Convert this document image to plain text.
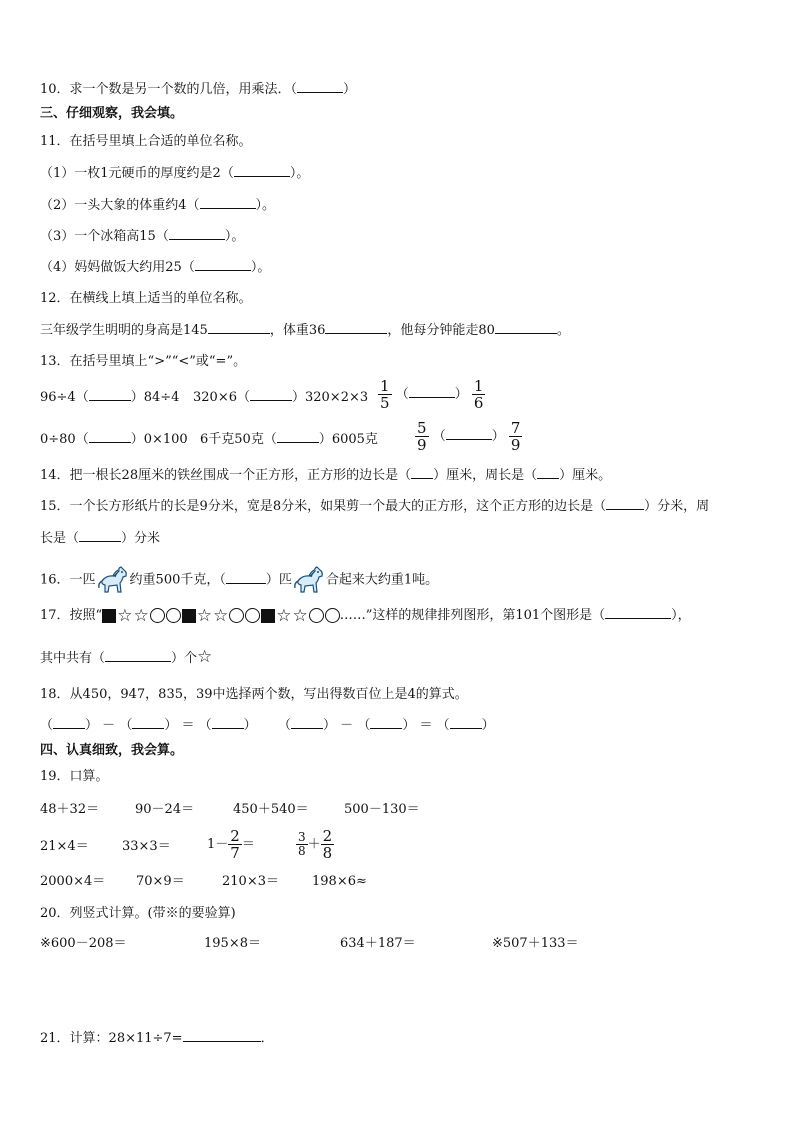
10．求一个数是另一个数的几倍，用乘法．（	）
三、仔细观察，我会填。
11．在括号里填上合适的单位名称。
（1）一枚1元硬币的厚度约是2（	）。
（2）一头大象的体重约4（	）。
（3）一个冰箱高15（	）。
（4）妈妈做饭大约用25（	）。
12．在横线上填上适当的单位名称。
三年级学生明明的身高是145	，体重36	，他每分钟能走80	。
13．在括号里填上“>”“<”或“=”。
96÷4（	）84÷4 320×6（	）$320\times 2\times 3 \frac{1}{5}$ （	） $\frac{1}{6}$
0÷80（	）0×100 6千克50克（	）6005克 $\frac{5}{9}$ （	） $\frac{7}{9}$
14．把一根长28厘米的铁丝围成一个正方形，正方形的边长是（ ）厘米，周长是（ ）厘米。
15．一个长方形纸片的长是9分米，宽是8分米，如果剪一个最大的正方形，这个正方形的边长是（	）分米，周
长是（	）分米
16．一匹	约重500千克，（	）匹	合起来大约重1吨。
17．按照“ ☆ ☆	☆ ☆	☆ ☆ ……”这样的规律排列图形，第101个图形是（	），
其中共有（	）个☆
18．从450，947，835，39中选择两个数，写出得数百位上是4的算式。
（ ） － （ ） ＝ （ ） （ ） － （ ） ＝ （ ）
四、认真细致，我会算。
19．口算。
48＋32＝	90－24＝	450＋540＝	500－130＝
21×4＝	33×3＝	$1- \frac{2}{7}$ ＝	$\frac{3}{8} + \frac{2}{8}$
2000×4＝ 70×9＝	210×3＝	198×6≈
20．列竖式计算。(带※的要验算)
※600－208＝	195×8＝	634＋187＝	※507＋133＝
21．计算：28×11÷7=	．
